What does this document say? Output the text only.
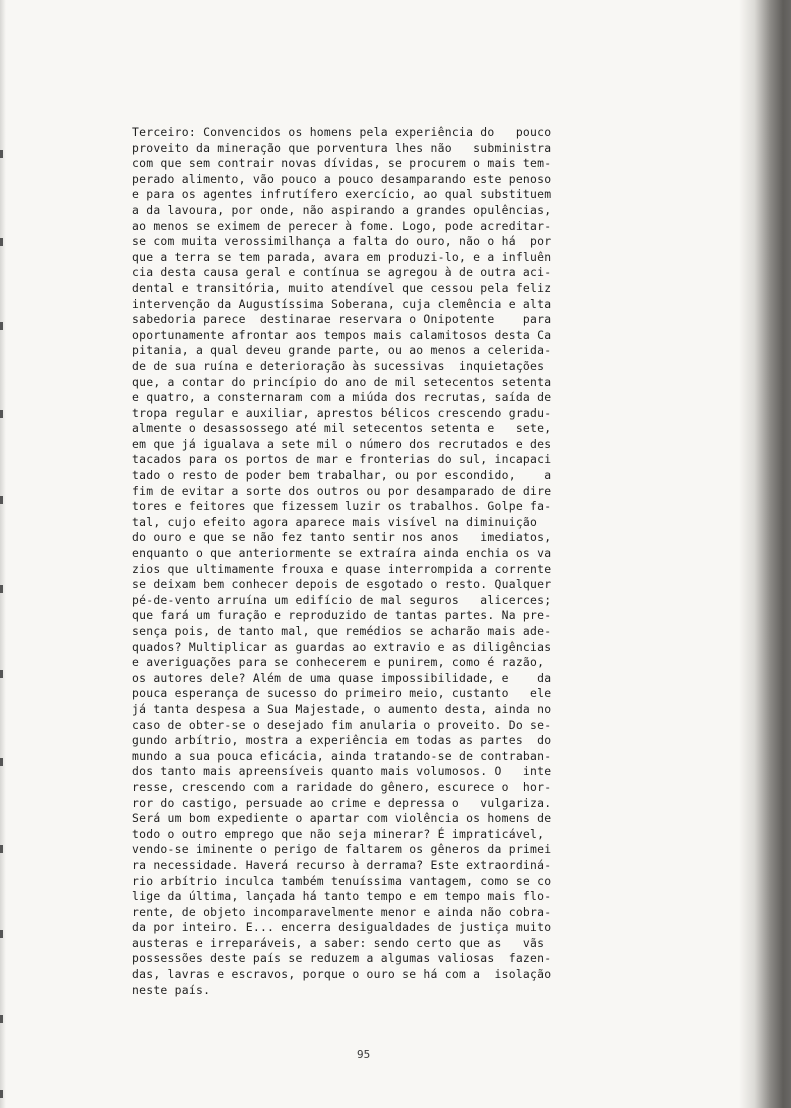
Terceiro: Convencidos os homens pela experiência do   pouco
proveito da mineração que porventura lhes não   subministra
com que sem contrair novas dívidas, se procurem o mais tem-
perado alimento, vão pouco a pouco desamparando este penoso
e para os agentes infrutífero exercício, ao qual substituem
a da lavoura, por onde, não aspirando a grandes opulências,
ao menos se eximem de perecer à fome. Logo, pode acreditar-
se com muita verossimilhança a falta do ouro, não o há  por
que a terra se tem parada, avara em produzi-lo, e a influên
cia desta causa geral e contínua se agregou à de outra aci-
dental e transitória, muito atendível que cessou pela feliz
intervenção da Augustíssima Soberana, cuja clemência e alta
sabedoria parece  destinarae reservara o Onipotente    para
oportunamente afrontar aos tempos mais calamitosos desta Ca
pitania, a qual deveu grande parte, ou ao menos a celerida-
de de sua ruína e deterioração às sucessivas  inquietações
que, a contar do princípio do ano de mil setecentos setenta
e quatro, a consternaram com a miúda dos recrutas, saída de
tropa regular e auxiliar, aprestos bélicos crescendo gradu-
almente o desassossego até mil setecentos setenta e   sete,
em que já igualava a sete mil o número dos recrutados e des
tacados para os portos de mar e fronterias do sul, incapaci
tado o resto de poder bem trabalhar, ou por escondido,    a
fim de evitar a sorte dos outros ou por desamparado de dire
tores e feitores que fizessem luzir os trabalhos. Golpe fa-
tal, cujo efeito agora aparece mais visível na diminuição
do ouro e que se não fez tanto sentir nos anos   imediatos,
enquanto o que anteriormente se extraíra ainda enchia os va
zios que ultimamente frouxa e quase interrompida a corrente
se deixam bem conhecer depois de esgotado o resto. Qualquer
pé-de-vento arruína um edifício de mal seguros   alicerces;
que fará um furação e reproduzido de tantas partes. Na pre-
sença pois, de tanto mal, que remédios se acharão mais ade-
quados? Multiplicar as guardas ao extravio e as diligências
e averiguações para se conhecerem e punirem, como é razão,
os autores dele? Além de uma quase impossibilidade, e    da
pouca esperança de sucesso do primeiro meio, custanto   ele
já tanta despesa a Sua Majestade, o aumento desta, ainda no
caso de obter-se o desejado fim anularia o proveito. Do se-
gundo arbítrio, mostra a experiência em todas as partes  do
mundo a sua pouca eficácia, ainda tratando-se de contraban-
dos tanto mais apreensíveis quanto mais volumosos. O   inte
resse, crescendo com a raridade do gênero, escurece o  hor-
ror do castigo, persuade ao crime e depressa o   vulgariza.
Será um bom expediente o apartar com violência os homens de
todo o outro emprego que não seja minerar? É impraticável,
vendo-se iminente o perigo de faltarem os gêneros da primei
ra necessidade. Haverá recurso à derrama? Este extraordiná-
rio arbítrio inculca também tenuíssima vantagem, como se co
lige da última, lançada há tanto tempo e em tempo mais flo-
rente, de objeto incomparavelmente menor e ainda não cobra-
da por inteiro. E... encerra desigualdades de justiça muito
austeras e irreparáveis, a saber: sendo certo que as   vãs
possessões deste país se reduzem a algumas valiosas  fazen-
das, lavras e escravos, porque o ouro se há com a  isolação
neste país.
95
